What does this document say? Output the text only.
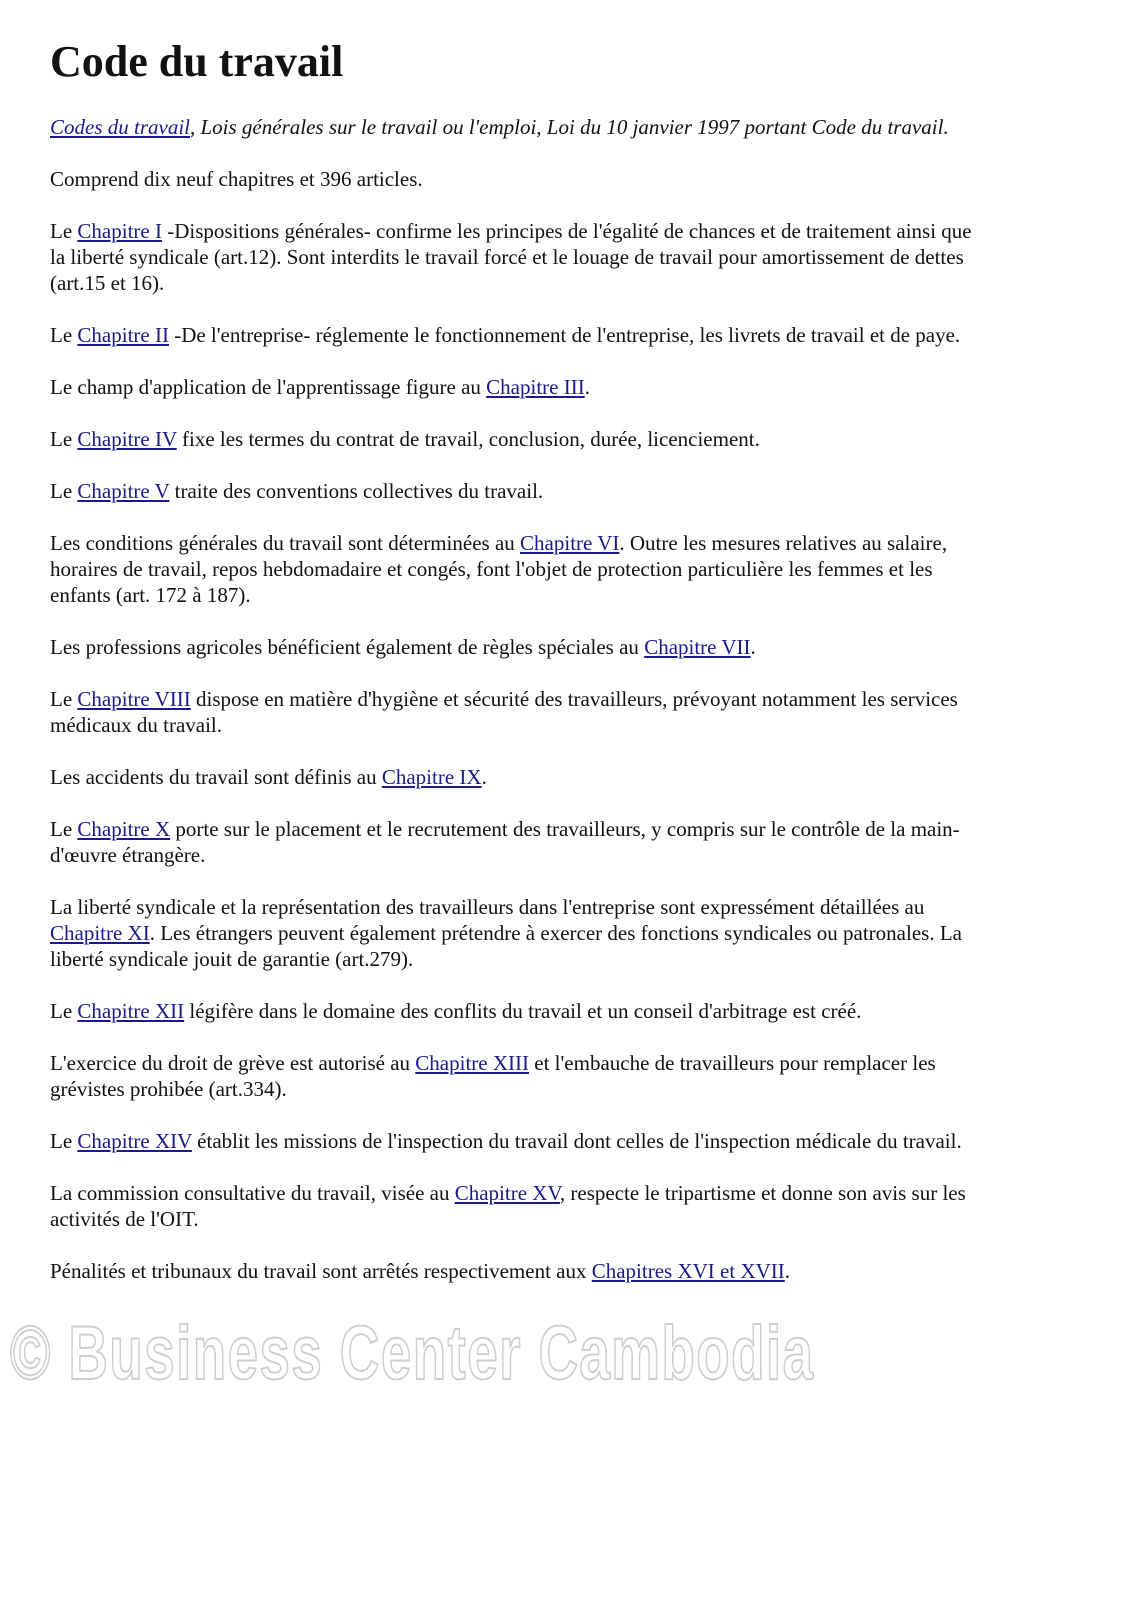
Code du travail

Codes du travail, Lois générales sur le travail ou l'emploi, Loi du 10 janvier 1997 portant Code du travail.

Comprend dix neuf chapitres et 396 articles.

Le Chapitre I -Dispositions générales- confirme les principes de l'égalité de chances et de traitement ainsi que la liberté syndicale (art.12). Sont interdits le travail forcé et le louage de travail pour amortissement de dettes (art.15 et 16).

Le Chapitre II -De l'entreprise- réglemente le fonctionnement de l'entreprise, les livrets de travail et de paye.

Le champ d'application de l'apprentissage figure au Chapitre III.

Le Chapitre IV fixe les termes du contrat de travail, conclusion, durée, licenciement.

Le Chapitre V traite des conventions collectives du travail.

Les conditions générales du travail sont déterminées au Chapitre VI. Outre les mesures relatives au salaire, horaires de travail, repos hebdomadaire et congés, font l'objet de protection particulière les femmes et les enfants (art. 172 à 187).

Les professions agricoles bénéficient également de règles spéciales au Chapitre VII.

Le Chapitre VIII dispose en matière d'hygiène et sécurité des travailleurs, prévoyant notamment les services médicaux du travail.

Les accidents du travail sont définis au Chapitre IX.

Le Chapitre X porte sur le placement et le recrutement des travailleurs, y compris sur le contrôle de la main-d'œuvre étrangère.

La liberté syndicale et la représentation des travailleurs dans l'entreprise sont expressément détaillées au Chapitre XI. Les étrangers peuvent également prétendre à exercer des fonctions syndicales ou patronales. La liberté syndicale jouit de garantie (art.279).

Le Chapitre XII légifère dans le domaine des conflits du travail et un conseil d'arbitrage est créé.

L'exercice du droit de grève est autorisé au Chapitre XIII et l'embauche de travailleurs pour remplacer les grévistes prohibée (art.334).

Le Chapitre XIV établit les missions de l'inspection du travail dont celles de l'inspection médicale du travail.

La commission consultative du travail, visée au Chapitre XV, respecte le tripartisme et donne son avis sur les activités de l'OIT.

Pénalités et tribunaux du travail sont arrêtés respectivement aux Chapitres XVI et XVII.

© Business Center Cambodia
